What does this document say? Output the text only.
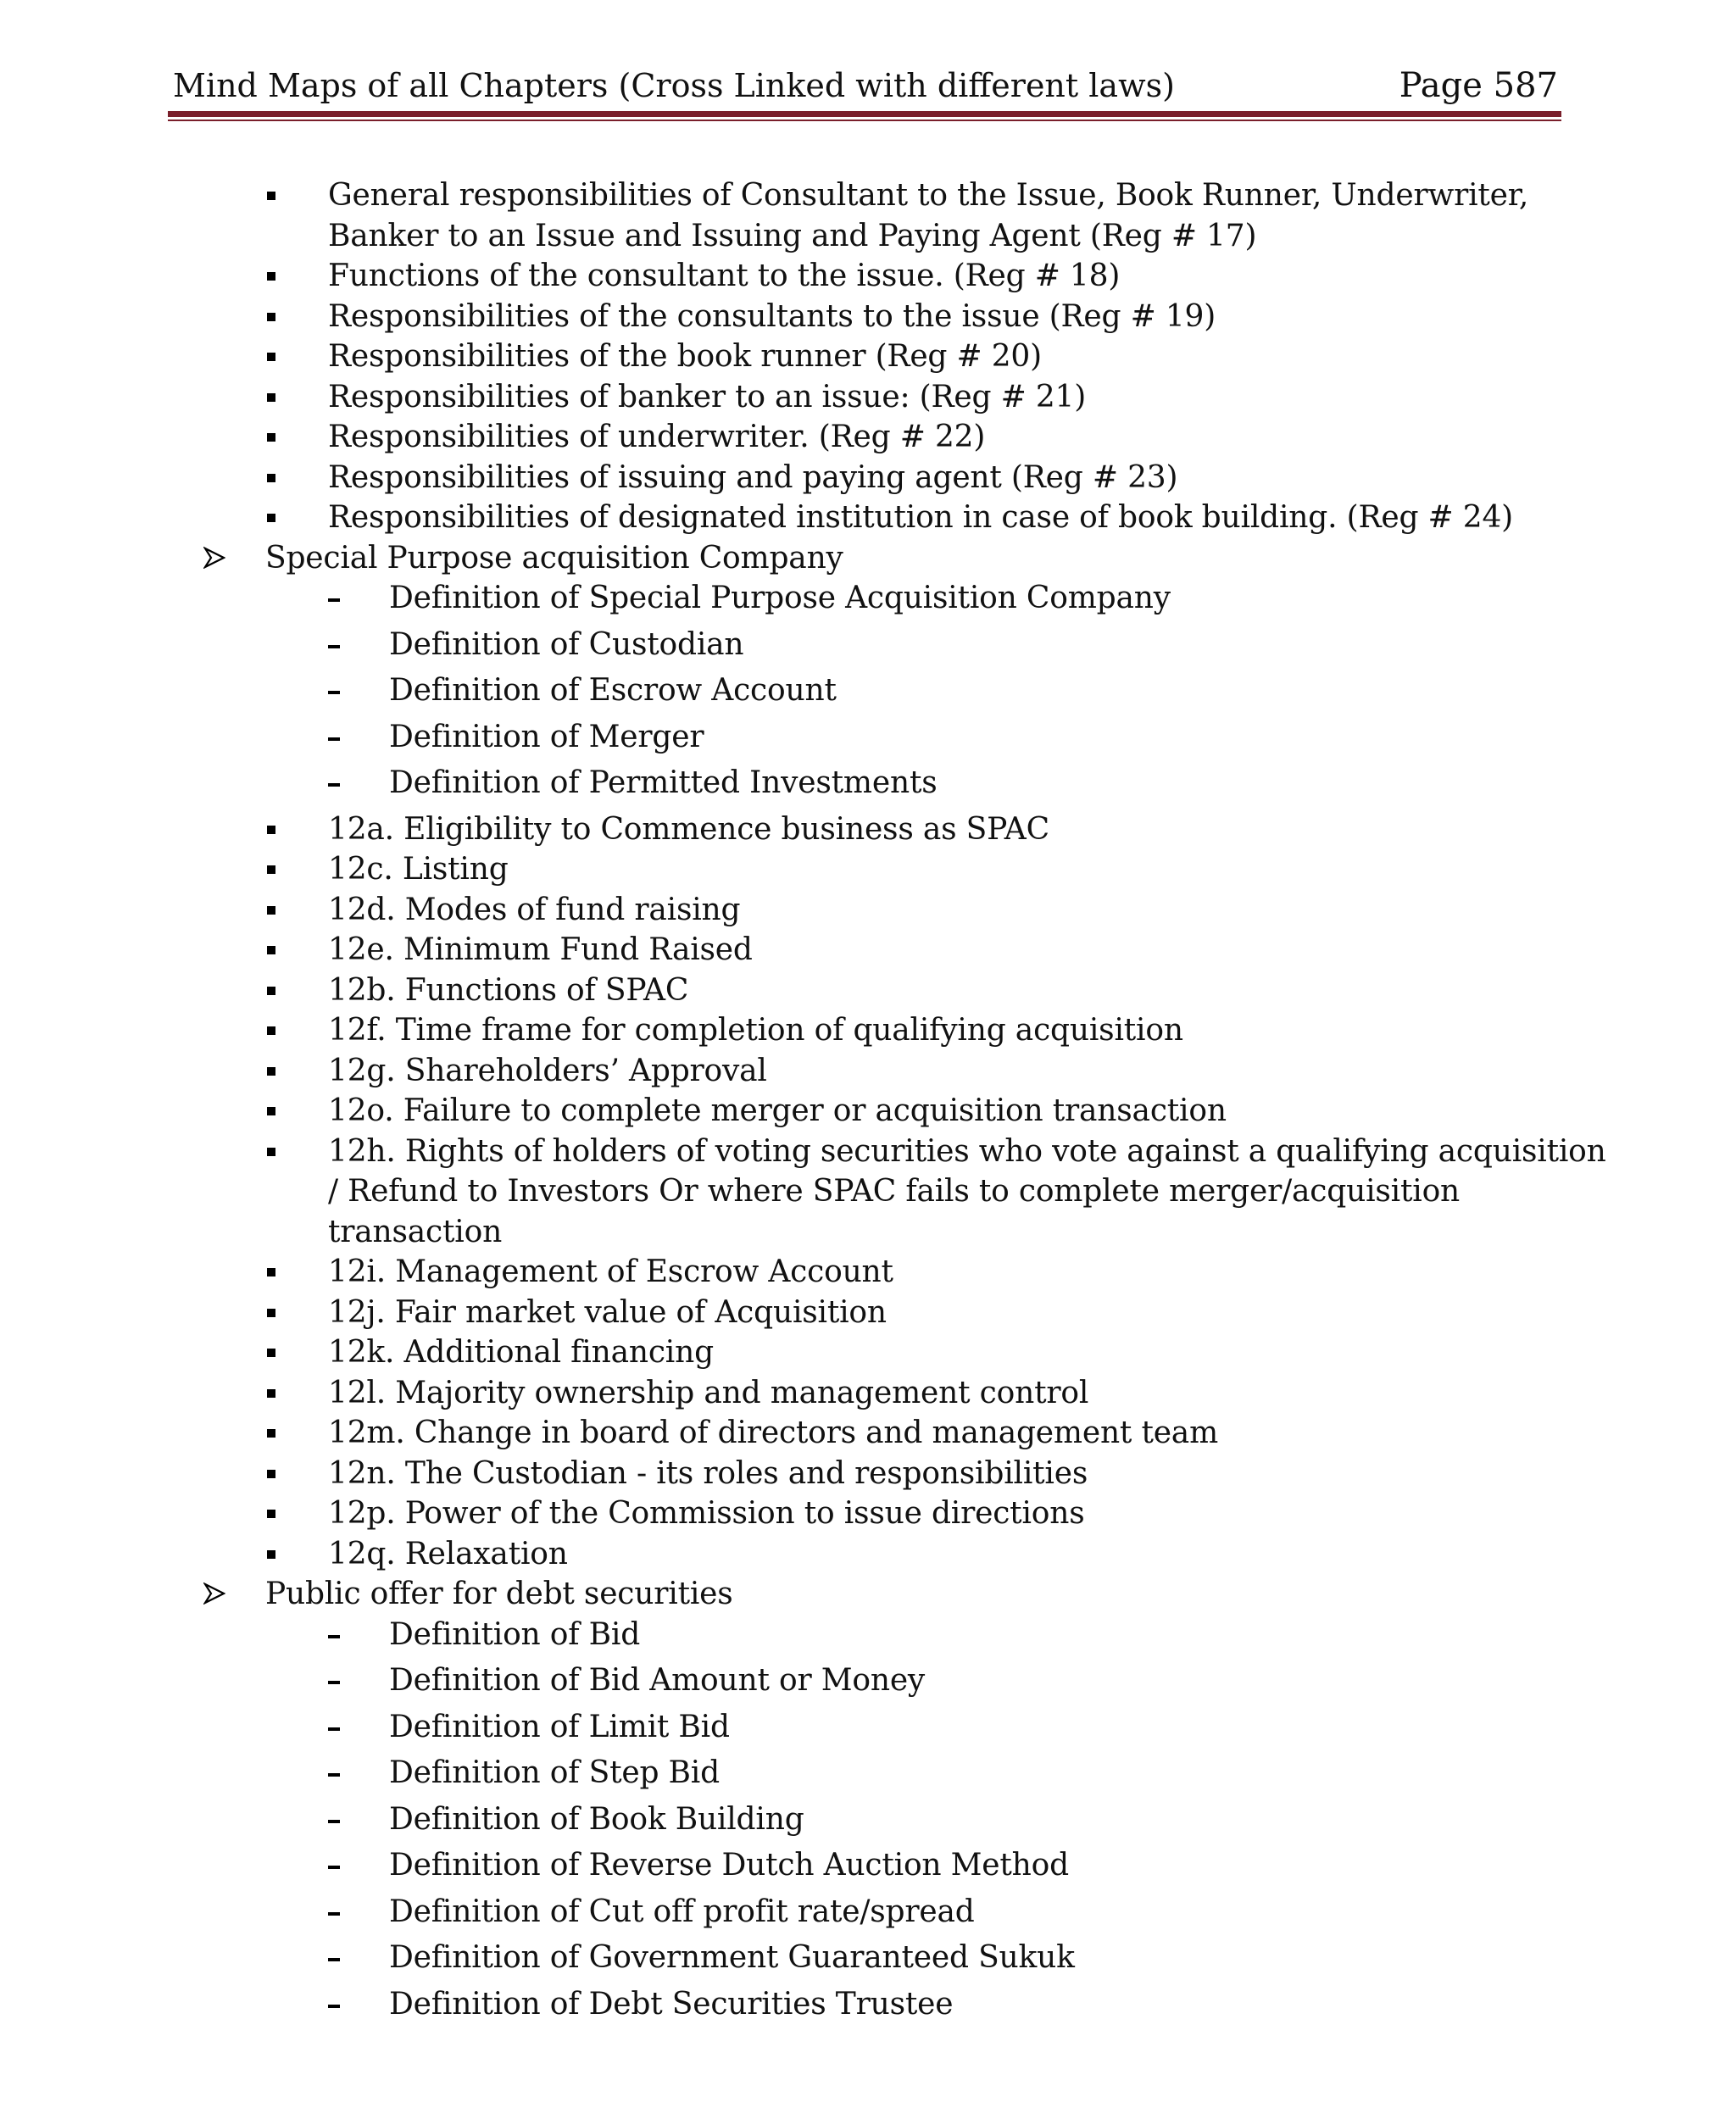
Mind Maps of all Chapters (Cross Linked with different laws)	Page 587
General responsibilities of Consultant to the Issue, Book Runner, Underwriter,
Banker to an Issue and Issuing and Paying Agent (Reg # 17)
Functions of the consultant to the issue. (Reg # 18)
Responsibilities of the consultants to the issue (Reg # 19)
Responsibilities of the book runner (Reg # 20)
Responsibilities of banker to an issue: (Reg # 21)
Responsibilities of underwriter. (Reg # 22)
Responsibilities of issuing and paying agent (Reg # 23)
Responsibilities of designated institution in case of book building. (Reg # 24)
Special Purpose acquisition Company
Definition of Special Purpose Acquisition Company
Definition of Custodian
Definition of Escrow Account
Definition of Merger
Definition of Permitted Investments
12a. Eligibility to Commence business as SPAC
12c. Listing
12d. Modes of fund raising
12e. Minimum Fund Raised
12b. Functions of SPAC
12f. Time frame for completion of qualifying acquisition
12g. Shareholders’ Approval
12o. Failure to complete merger or acquisition transaction
12h. Rights of holders of voting securities who vote against a qualifying acquisition
/ Refund to Investors Or where SPAC fails to complete merger/acquisition
transaction
12i. Management of Escrow Account
12j. Fair market value of Acquisition
12k. Additional financing
12l. Majority ownership and management control
12m. Change in board of directors and management team
12n. The Custodian - its roles and responsibilities
12p. Power of the Commission to issue directions
12q. Relaxation
Public offer for debt securities
Definition of Bid
Definition of Bid Amount or Money
Definition of Limit Bid
Definition of Step Bid
Definition of Book Building
Definition of Reverse Dutch Auction Method
Definition of Cut off profit rate/spread
Definition of Government Guaranteed Sukuk
Definition of Debt Securities Trustee
